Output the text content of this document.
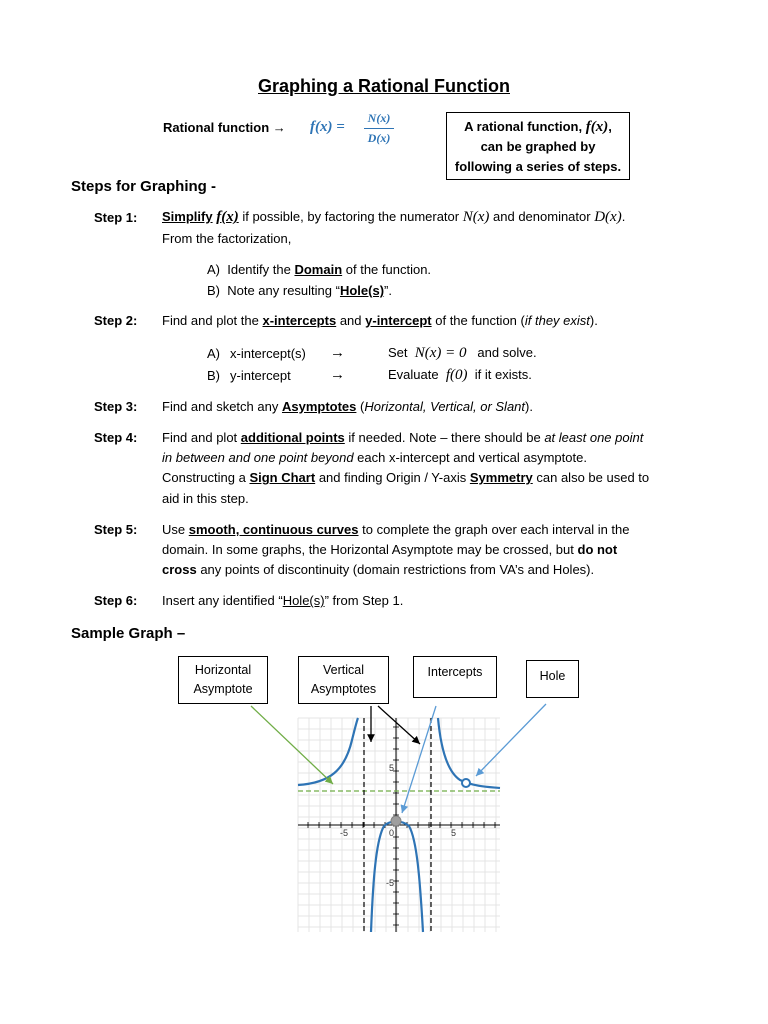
Graphing a Rational Function
Rational function → f(x) =
N(x)
D(x)
A rational function, f(x),
can be graphed by
following a series of steps.
Steps for Graphing -
Step 1: Simplify f(x) if possible, by factoring the numerator N(x) and denominator D(x).
From the factorization,
A) Identify the Domain of the function.
B) Note any resulting “Hole(s)”.
Step 2: Find and plot the x-intercepts and y-intercept of the function (if they exist).
A) x-intercept(s) →	Set N(x) = 0 and solve.
B) y-intercept	→	Evaluate f(0) if it exists.
Step 3: Find and sketch any Asymptotes (Horizontal, Vertical, or Slant).
Step 4: Find and plot additional points if needed. Note – there should be at least one point
in between and one point beyond each x-intercept and vertical asymptote.
Constructing a Sign Chart and finding Origin / Y-axis Symmetry can also be used to
aid in this step.
Step 5: Use smooth, continuous curves to complete the graph over each interval in the
domain. In some graphs, the Horizontal Asymptote may be crossed, but do not
cross any points of discontinuity (domain restrictions from VA’s and Holes).
Step 6: Insert any identified “Hole(s)” from Step 1.
Sample Graph –
Horizontal
Asymptote
Vertical
Asymptotes
Intercepts	Hole
-5	0	5
5
-5
